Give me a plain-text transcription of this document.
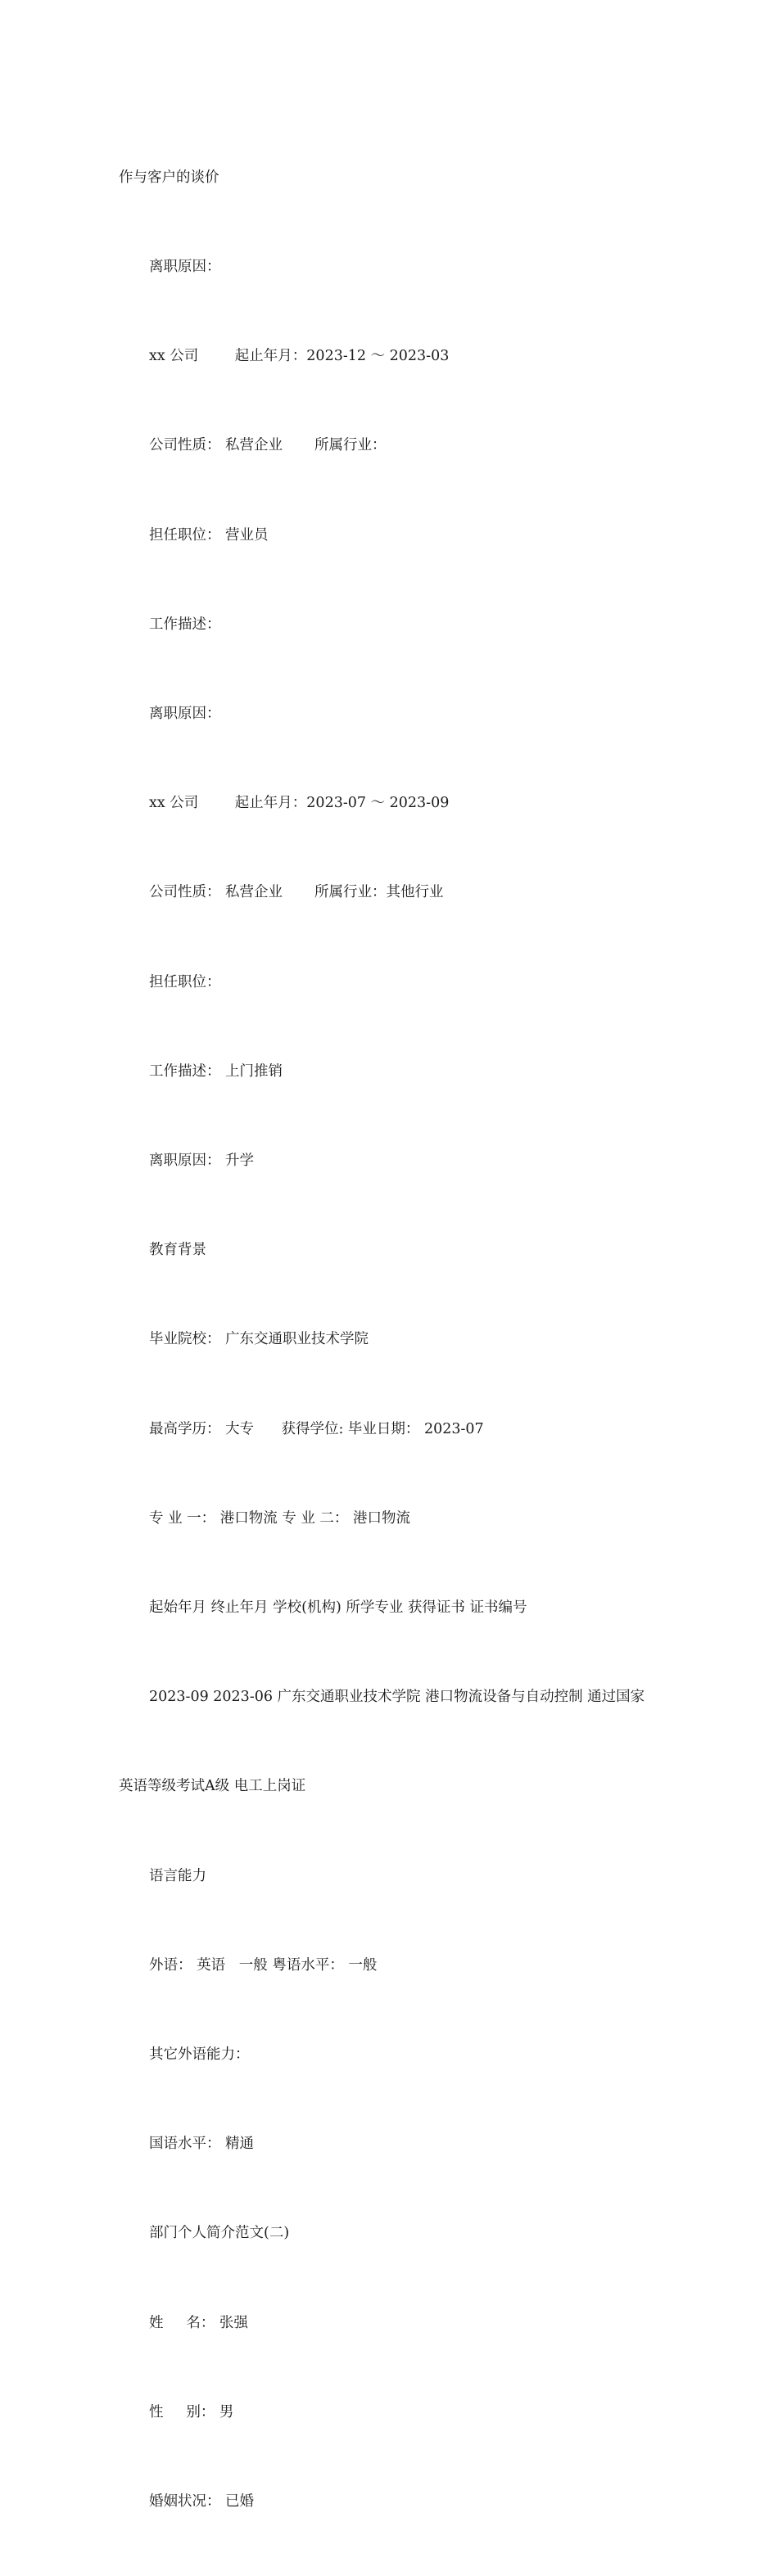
作与客户的谈价

离职原因：

xx 公司        起止年月：2023-12 ～ 2023-03

公司性质： 私营企业       所属行业：

担任职位： 营业员

工作描述：

离职原因：

xx 公司        起止年月：2023-07 ～ 2023-09

公司性质： 私营企业       所属行业：其他行业

担任职位：

工作描述： 上门推销

离职原因： 升学

教育背景

毕业院校： 广东交通职业技术学院

最高学历： 大专      获得学位: 毕业日期： 2023-07

专 业 一： 港口物流 专 业 二： 港口物流

起始年月 终止年月 学校(机构) 所学专业 获得证书 证书编号

2023-09 2023-06 广东交通职业技术学院 港口物流设备与自动控制 通过国家

英语等级考试A级 电工上岗证

语言能力

外语： 英语   一般 粤语水平： 一般

其它外语能力：

国语水平： 精通

部门个人简介范文(二)

姓     名： 张强

性     别： 男

婚姻状况： 已婚
